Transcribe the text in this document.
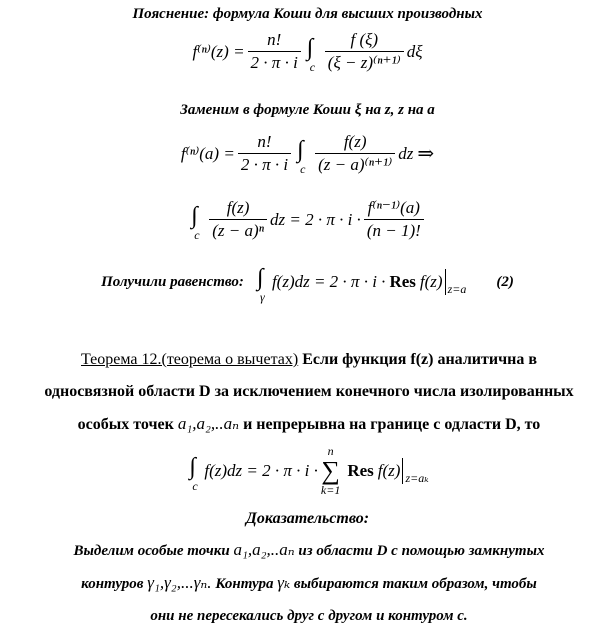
Пояснение: формула Коши для высших производных
$f^{(n)}(z) = \frac{n!}{2 \cdot \pi \cdot i}$ ∫
c $\frac{f (\xi)}{\text{(ξ − z)⁽ⁿ⁺¹⁾}}$ dξ
Заменим в формуле Коши ξ на z, z на a
$f^{(n)}(a) = \frac{n!}{2 \cdot \pi \cdot i}$ ∫
c $\frac{f(z)}{\text{(z − a)⁽ⁿ⁺¹⁾}}$ dz ⇒
∫
c $\frac{f(z)}{\text{(z − a)ⁿ}}$ dz = $2 \cdot \pi \cdot i \cdot \frac{\text{f⁽ⁿ⁻¹⁾(a)}}{(n - 1)!}$
Получили равенство: ∫
γ
f(z)dz = 2 · π · i · Res f(z) z=a (2)
Теорема 12.(теорема о вычетах) Если функция f(z) аналитична в
односвязной области D за исключением конечного числа изолированных
особых точек a₁,a₂,..aₙ и непрерывна на границе с одласти D, то
∫
c
f(z)dz = 2 · π · i ·
n
∑
k=1
Res f(z) z=aₖ
Доказательство:
Выделим особые точки a₁,a₂,..aₙ из области D с помощью замкнутых
контуров γ₁,γ₂,...γₙ. Контура γₖ выбираются таким образом, чтобы
они не пересекались друг с другом и контуром с.
